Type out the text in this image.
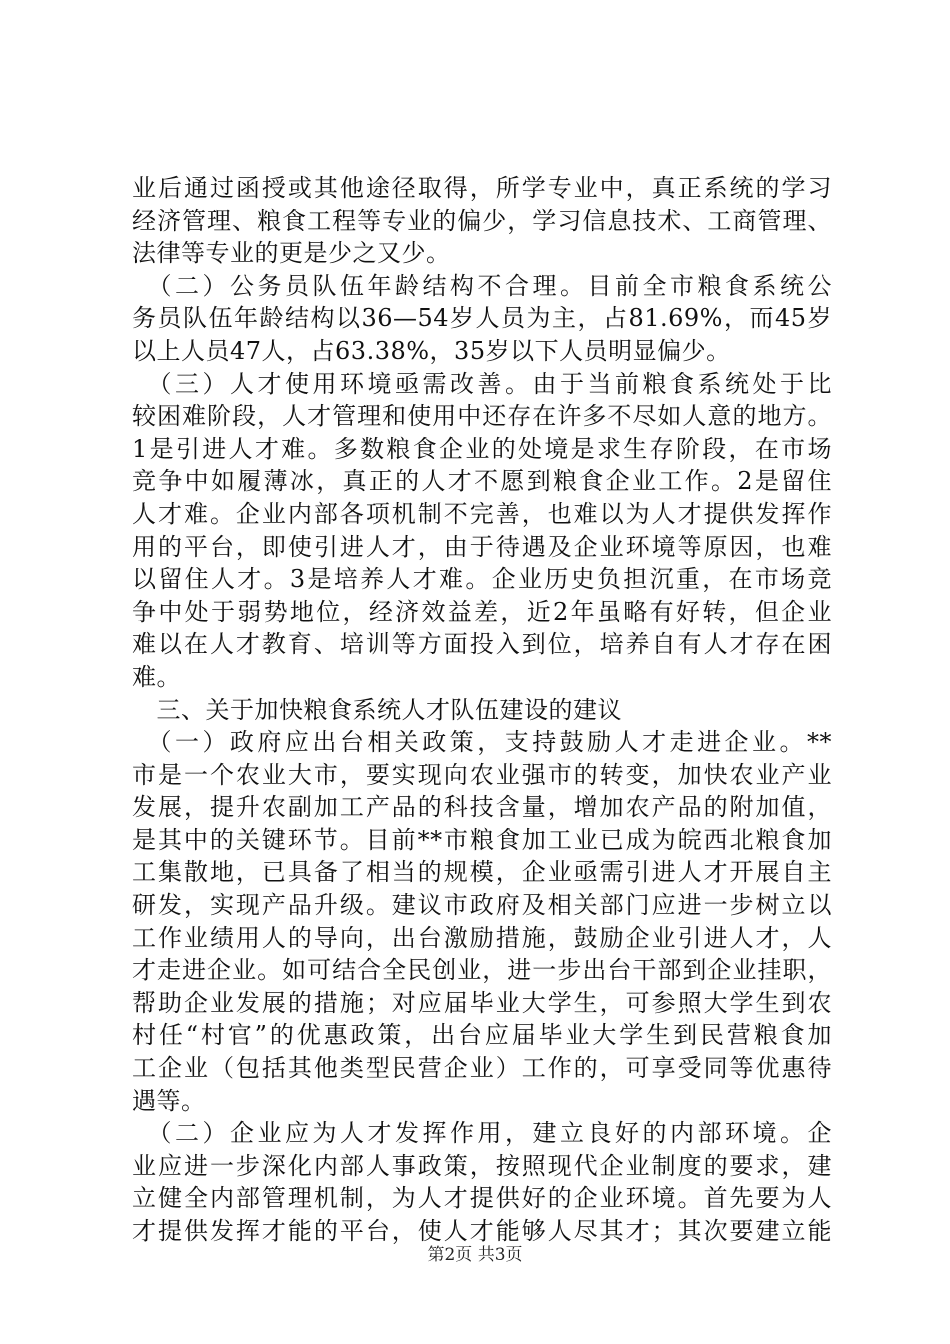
业后通过函授或其他途径取得，所学专业中，真正系统的学习
经济管理、粮食工程等专业的偏少，学习信息技术、工商管理、
法律等专业的更是少之又少。
　（二）公务员队伍年龄结构不合理。目前全市粮食系统公
务员队伍年龄结构以36—54岁人员为主，占81.69%，而45岁
以上人员47人，占63.38%，35岁以下人员明显偏少。
　（三）人才使用环境亟需改善。由于当前粮食系统处于比
较困难阶段，人才管理和使用中还存在许多不尽如人意的地方。
1是引进人才难。多数粮食企业的处境是求生存阶段，在市场
竞争中如履薄冰，真正的人才不愿到粮食企业工作。2是留住
人才难。企业内部各项机制不完善，也难以为人才提供发挥作
用的平台，即使引进人才，由于待遇及企业环境等原因，也难
以留住人才。3是培养人才难。企业历史负担沉重，在市场竞
争中处于弱势地位，经济效益差，近2年虽略有好转，但企业
难以在人才教育、培训等方面投入到位，培养自有人才存在困
难。
　三、关于加快粮食系统人才队伍建设的建议
　（一）政府应出台相关政策，支持鼓励人才走进企业。**
市是一个农业大市，要实现向农业强市的转变，加快农业产业
发展，提升农副加工产品的科技含量，增加农产品的附加值，
是其中的关键环节。目前**市粮食加工业已成为皖西北粮食加
工集散地，已具备了相当的规模，企业亟需引进人才开展自主
研发，实现产品升级。建议市政府及相关部门应进一步树立以
工作业绩用人的导向，出台激励措施，鼓励企业引进人才，人
才走进企业。如可结合全民创业，进一步出台干部到企业挂职，
帮助企业发展的措施；对应届毕业大学生，可参照大学生到农
村任“村官”的优惠政策，出台应届毕业大学生到民营粮食加
工企业（包括其他类型民营企业）工作的，可享受同等优惠待
遇等。
　（二）企业应为人才发挥作用，建立良好的内部环境。企
业应进一步深化内部人事政策，按照现代企业制度的要求，建
立健全内部管理机制，为人才提供好的企业环境。首先要为人
才提供发挥才能的平台，使人才能够人尽其才；其次要建立能
第2页 共3页
